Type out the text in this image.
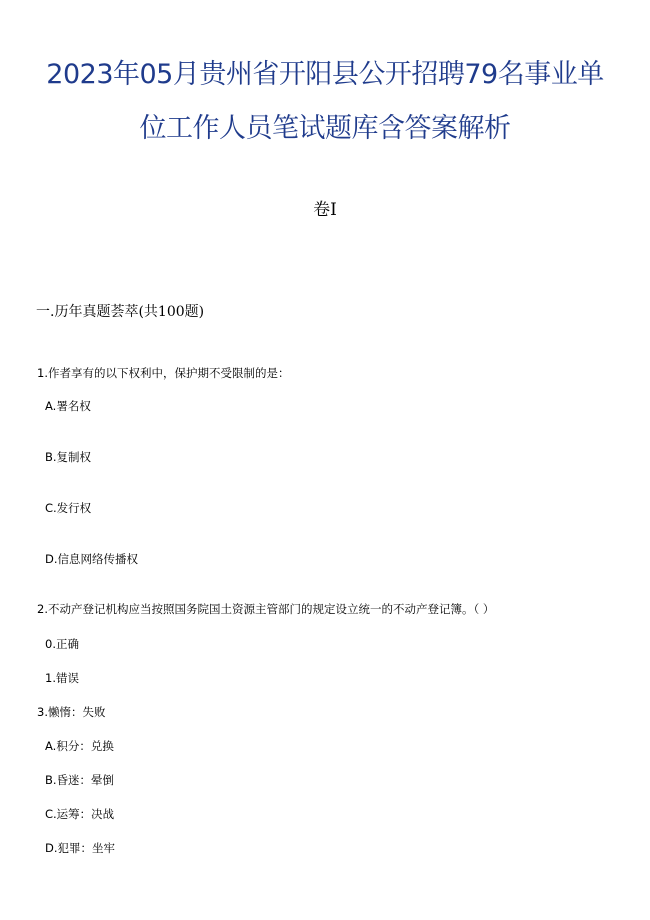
2023年05月贵州省开阳县公开招聘79名事业单
位工作人员笔试题库含答案解析
卷I
一.历年真题荟萃(共100题)
1.作者享有的以下权利中，保护期不受限制的是：
A.署名权
B.复制权
C.发行权
D.信息网络传播权
2.不动产登记机构应当按照国务院国土资源主管部门的规定设立统一的不动产登记簿。（ ）
0.正确
1.错误
3.懒惰：失败
A.积分：兑换
B.昏迷：晕倒
C.运筹：决战
D.犯罪：坐牢
